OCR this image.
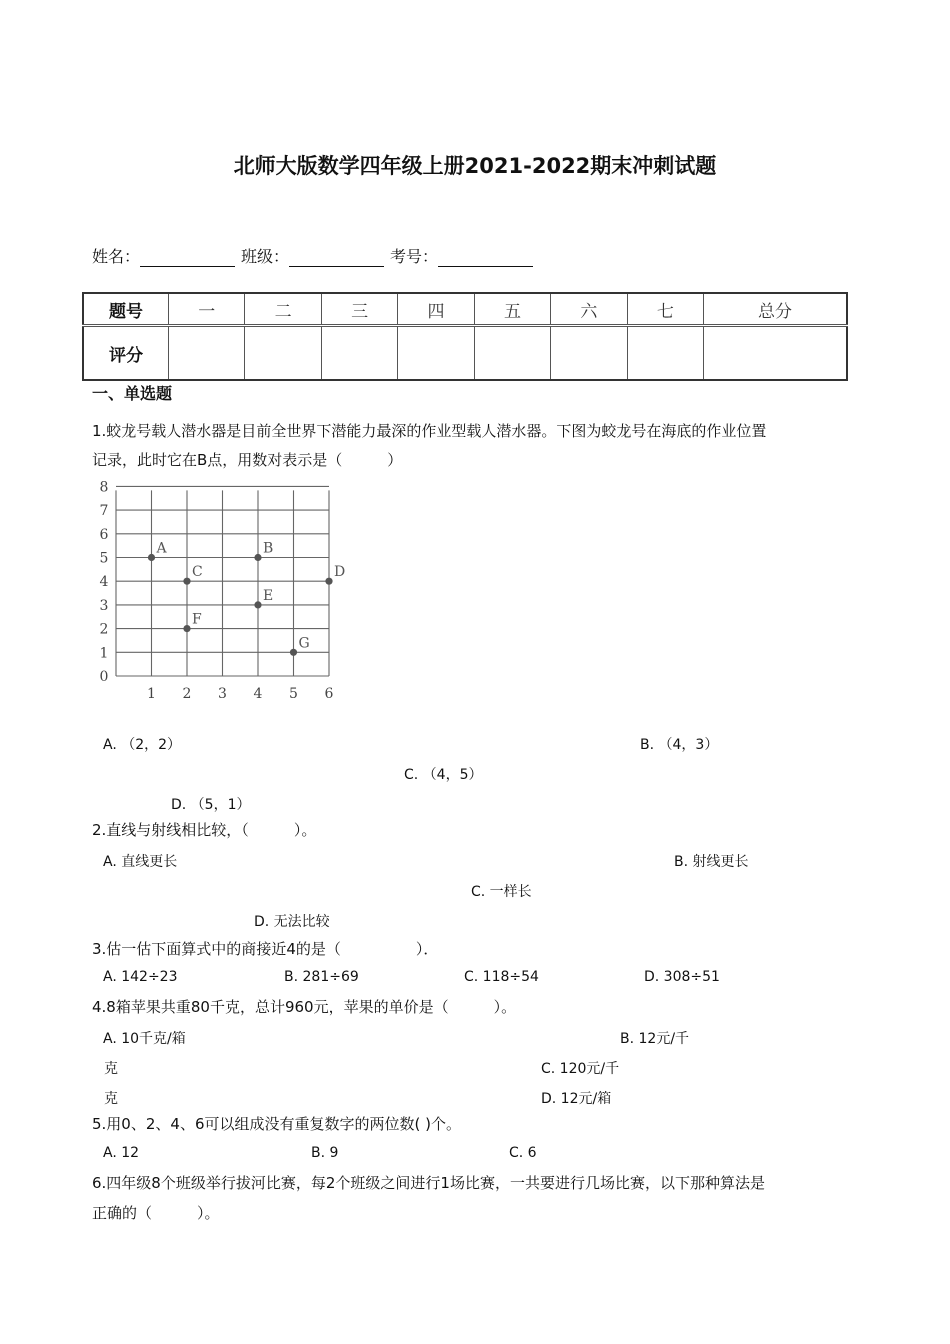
北师大版数学四年级上册2021-2022期末冲刺试题
姓名：	班级：	考号：
题号	一	二	三	四	五	六	七	总分
评分								
一、单选题
1.蛟龙号载人潜水器是目前全世界下潜能力最深的作业型载人潜水器。下图为蛟龙号在海底的作业位置
记录，此时它在B点，用数对表示是（　　　）
0
1
2
3
4
5
6
7
8
1 2 3 4 5 6
A	B
C	D
E
F
G
A. （2，2）	B. （4，3）
C. （4，5）
D. （5，1）
2.直线与射线相比较，（　　　）。
A. 直线更长	B. 射线更长
C. 一样长
D. 无法比较
3.估一估下面算式中的商接近4的是（　　　　　）．
A. 142÷23	B. 281÷69	C. 118÷54	D. 308÷51
4.8箱苹果共重80千克，总计960元，苹果的单价是（　　　）。
A. 10千克/箱	B. 12元/千
克	C. 120元/千
克	D. 12元/箱
5.用0、2、4、6可以组成没有重复数字的两位数( )个。
A. 12	B. 9	C. 6
6.四年级8个班级举行拔河比赛，每2个班级之间进行1场比赛，一共要进行几场比赛，以下那种算法是
正确的（　　　）。
